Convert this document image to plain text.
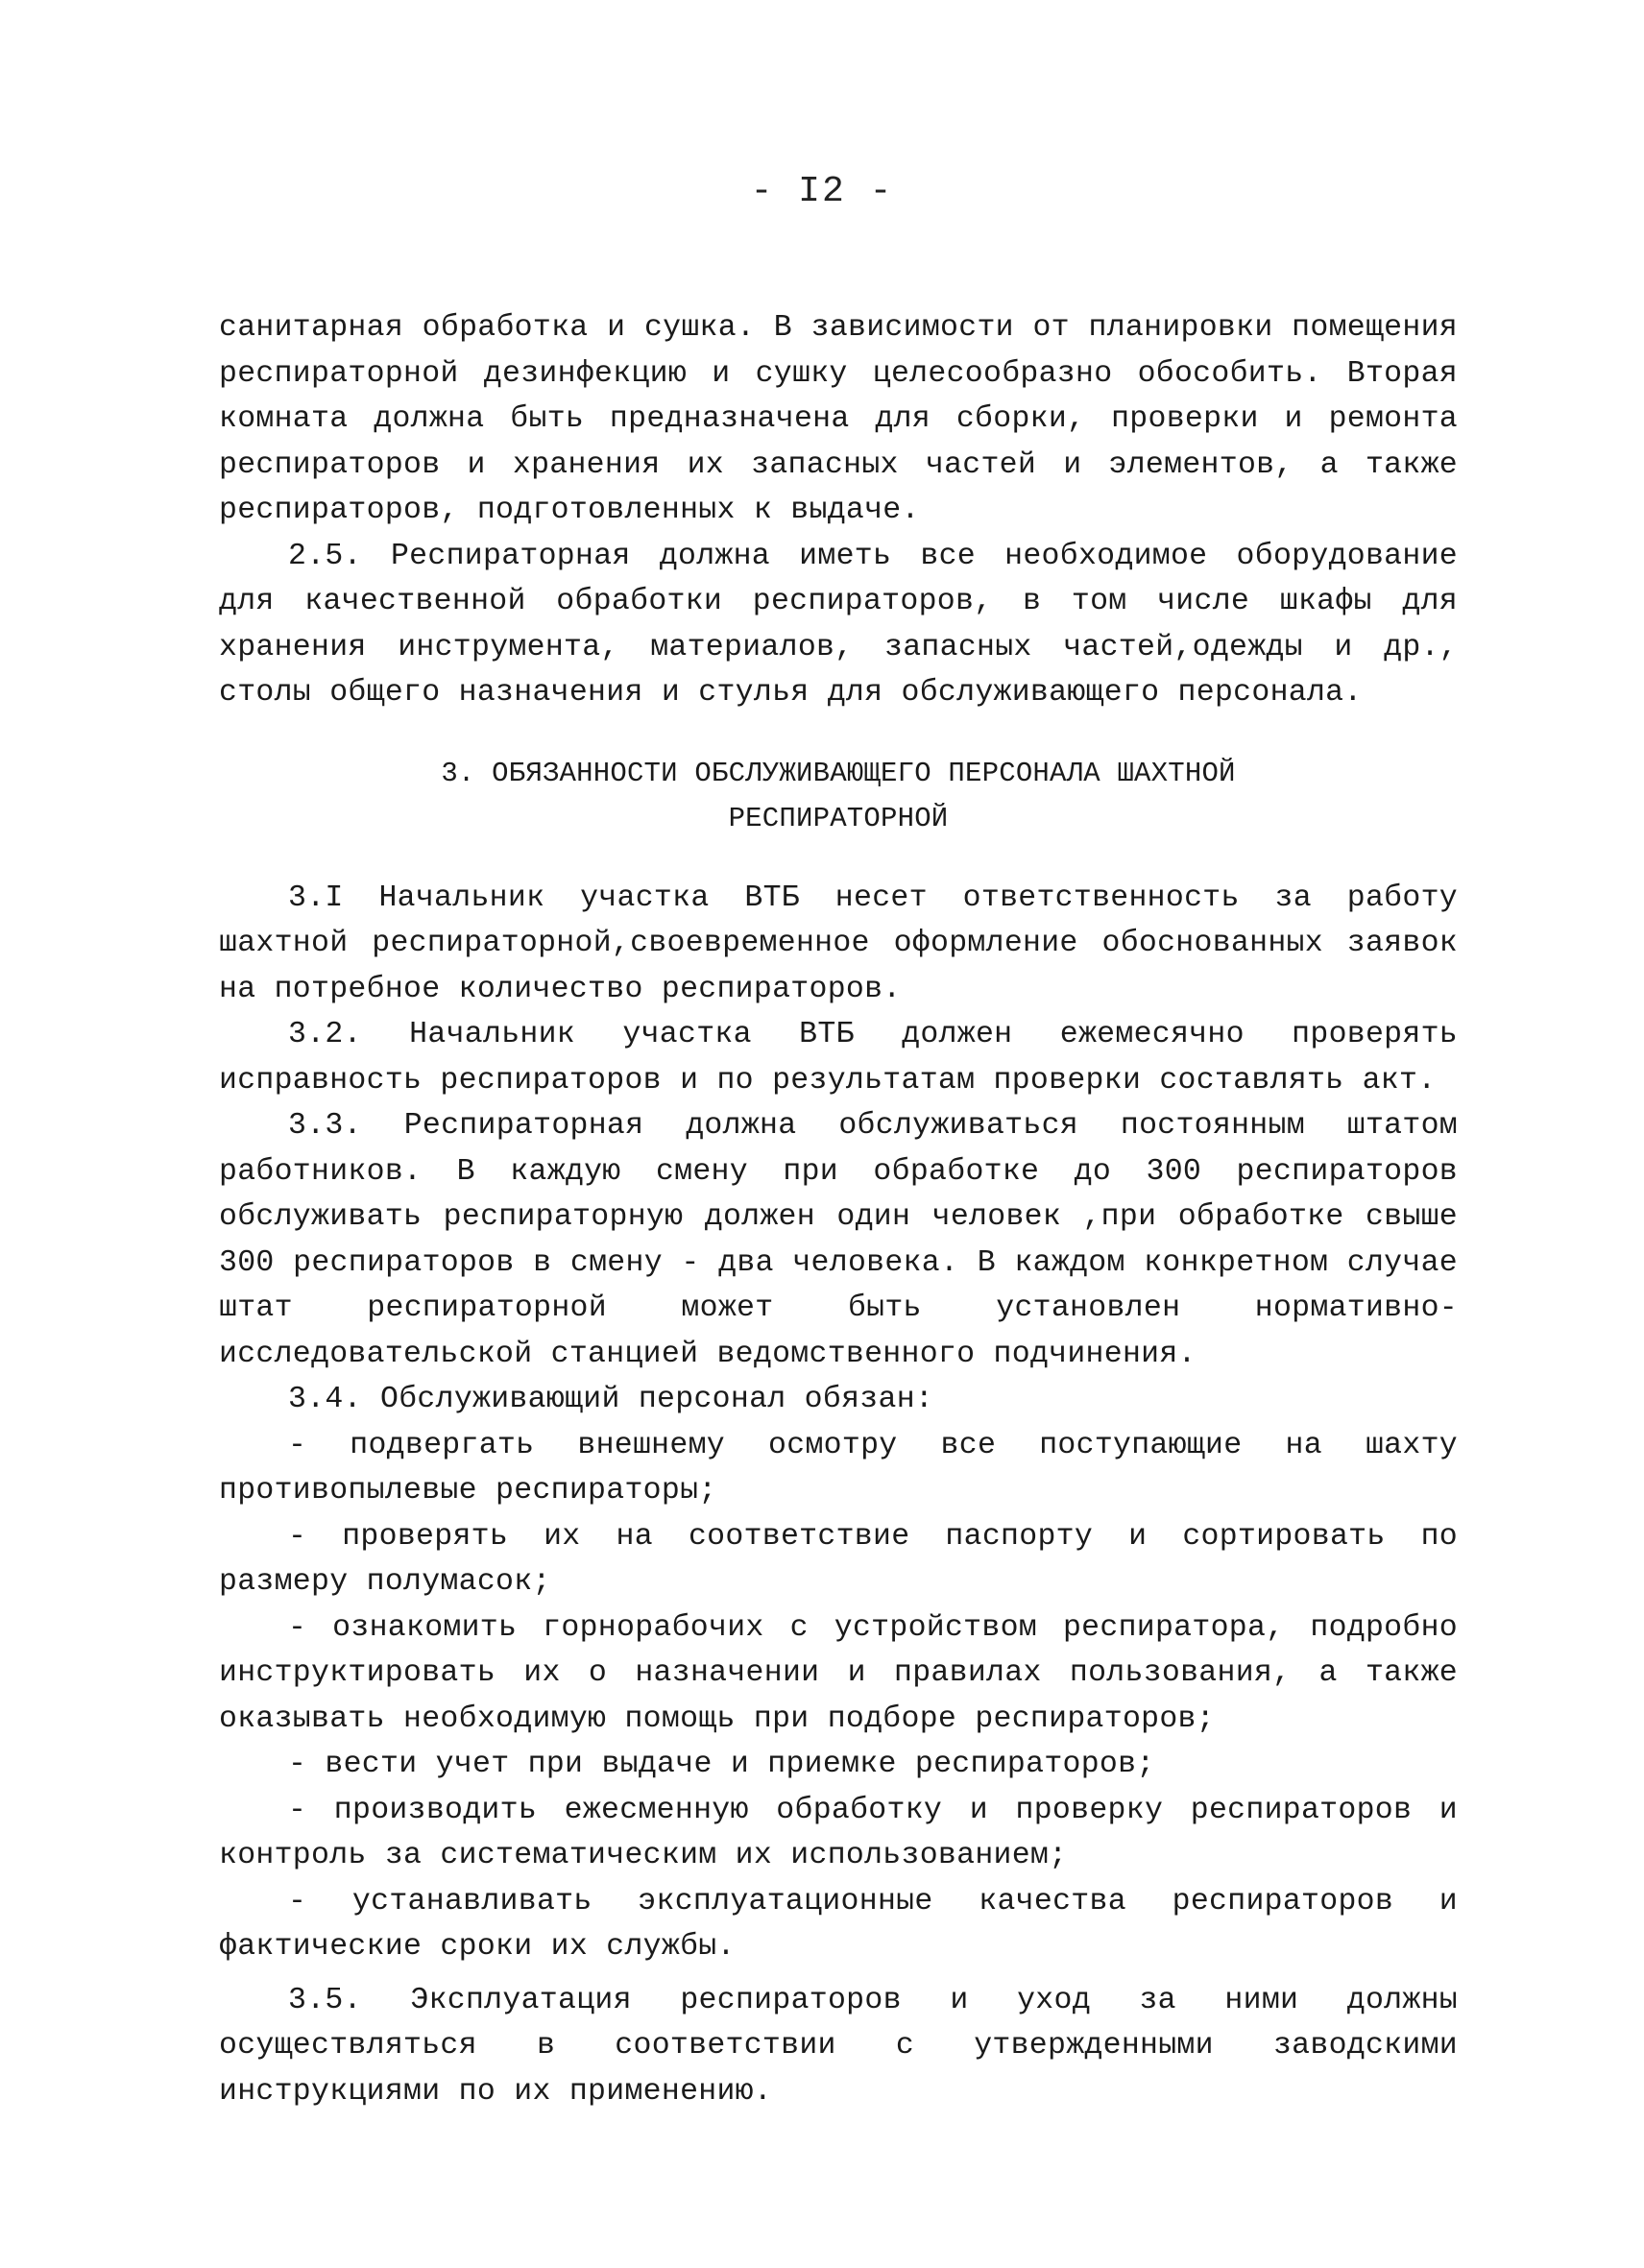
- I2 -

санитарная обработка и сушка. В зависимости от планировки помещения респираторной дезинфекцию и сушку целесообразно обособить. Вторая комната должна быть предназначена для сборки, проверки и ремонта респираторов и хранения их запасных частей и элементов, а также респираторов, подготовленных к выдаче.

2.5. Респираторная должна иметь все необходимое оборудование для качественной обработки респираторов, в том числе шкафы для хранения инструмента, материалов, запасных частей,одежды и др., столы общего назначения и стулья для обслуживающего персонала.

3. ОБЯЗАННОСТИ ОБСЛУЖИВАЮЩЕГО ПЕРСОНАЛА ШАХТНОЙ

РЕСПИРАТОРНОЙ

3.I Начальник участка ВТБ несет ответственность за работу шахтной респираторной,своевременное оформление обоснованных заявок на потребное количество респираторов.

3.2. Начальник участка ВТБ должен ежемесячно проверять исправность респираторов и по результатам проверки составлять акт.

3.3. Респираторная должна обслуживаться постоянным штатом работников. В каждую смену при обработке до 300 респираторов обслуживать респираторную должен один человек ,при обработке свыше 300 респираторов в смену - два человека. В каждом конкретном случае штат респираторной может быть установлен нормативно-исследовательской станцией ведомственного подчинения.

3.4. Обслуживающий персонал обязан:

- подвергать внешнему осмотру все поступающие на шахту противопылевые респираторы;

- проверять их на соответствие паспорту и сортировать по размеру полумасок;

- ознакомить горнорабочих с устройством респиратора, подробно инструктировать их о назначении и правилах пользования, а также оказывать необходимую помощь при подборе респираторов;

- вести учет при выдаче и приемке респираторов;

- производить ежесменную обработку и проверку респираторов и контроль за систематическим их использованием;

- устанавливать эксплуатационные качества респираторов и фактические сроки их службы.

3.5. Эксплуатация респираторов и уход за ними должны осуществляться в соответствии с утвержденными заводскими инструкциями по их применению.
